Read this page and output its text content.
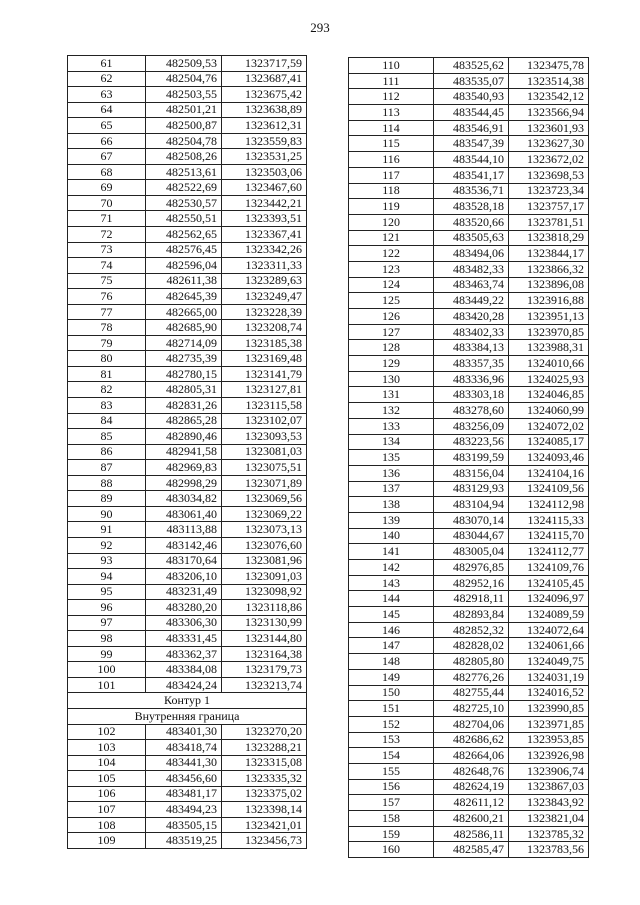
293
61	482509,53	1323717,59
62	482504,76	1323687,41
63	482503,55	1323675,42
64	482501,21	1323638,89
65	482500,87	1323612,31
66	482504,78	1323559,83
67	482508,26	1323531,25
68	482513,61	1323503,06
69	482522,69	1323467,60
70	482530,57	1323442,21
71	482550,51	1323393,51
72	482562,65	1323367,41
73	482576,45	1323342,26
74	482596,04	1323311,33
75	482611,38	1323289,63
76	482645,39	1323249,47
77	482665,00	1323228,39
78	482685,90	1323208,74
79	482714,09	1323185,38
80	482735,39	1323169,48
81	482780,15	1323141,79
82	482805,31	1323127,81
83	482831,26	1323115,58
84	482865,28	1323102,07
85	482890,46	1323093,53
86	482941,58	1323081,03
87	482969,83	1323075,51
88	482998,29	1323071,89
89	483034,82	1323069,56
90	483061,40	1323069,22
91	483113,88	1323073,13
92	483142,46	1323076,60
93	483170,64	1323081,96
94	483206,10	1323091,03
95	483231,49	1323098,92
96	483280,20	1323118,86
97	483306,30	1323130,99
98	483331,45	1323144,80
99	483362,37	1323164,38
100	483384,08	1323179,73
101	483424,24	1323213,74
Контур 1		
Внутренняя граница		
102	483401,30	1323270,20
103	483418,74	1323288,21
104	483441,30	1323315,08
105	483456,60	1323335,32
106	483481,17	1323375,02
107	483494,23	1323398,14
108	483505,15	1323421,01
109	483519,25	1323456,73
110	483525,62	1323475,78
111	483535,07	1323514,38
112	483540,93	1323542,12
113	483544,45	1323566,94
114	483546,91	1323601,93
115	483547,39	1323627,30
116	483544,10	1323672,02
117	483541,17	1323698,53
118	483536,71	1323723,34
119	483528,18	1323757,17
120	483520,66	1323781,51
121	483505,63	1323818,29
122	483494,06	1323844,17
123	483482,33	1323866,32
124	483463,74	1323896,08
125	483449,22	1323916,88
126	483420,28	1323951,13
127	483402,33	1323970,85
128	483384,13	1323988,31
129	483357,35	1324010,66
130	483336,96	1324025,93
131	483303,18	1324046,85
132	483278,60	1324060,99
133	483256,09	1324072,02
134	483223,56	1324085,17
135	483199,59	1324093,46
136	483156,04	1324104,16
137	483129,93	1324109,56
138	483104,94	1324112,98
139	483070,14	1324115,33
140	483044,67	1324115,70
141	483005,04	1324112,77
142	482976,85	1324109,76
143	482952,16	1324105,45
144	482918,11	1324096,97
145	482893,84	1324089,59
146	482852,32	1324072,64
147	482828,02	1324061,66
148	482805,80	1324049,75
149	482776,26	1324031,19
150	482755,44	1324016,52
151	482725,10	1323990,85
152	482704,06	1323971,85
153	482686,62	1323953,85
154	482664,06	1323926,98
155	482648,76	1323906,74
156	482624,19	1323867,03
157	482611,12	1323843,92
158	482600,21	1323821,04
159	482586,11	1323785,32
160	482585,47	1323783,56
